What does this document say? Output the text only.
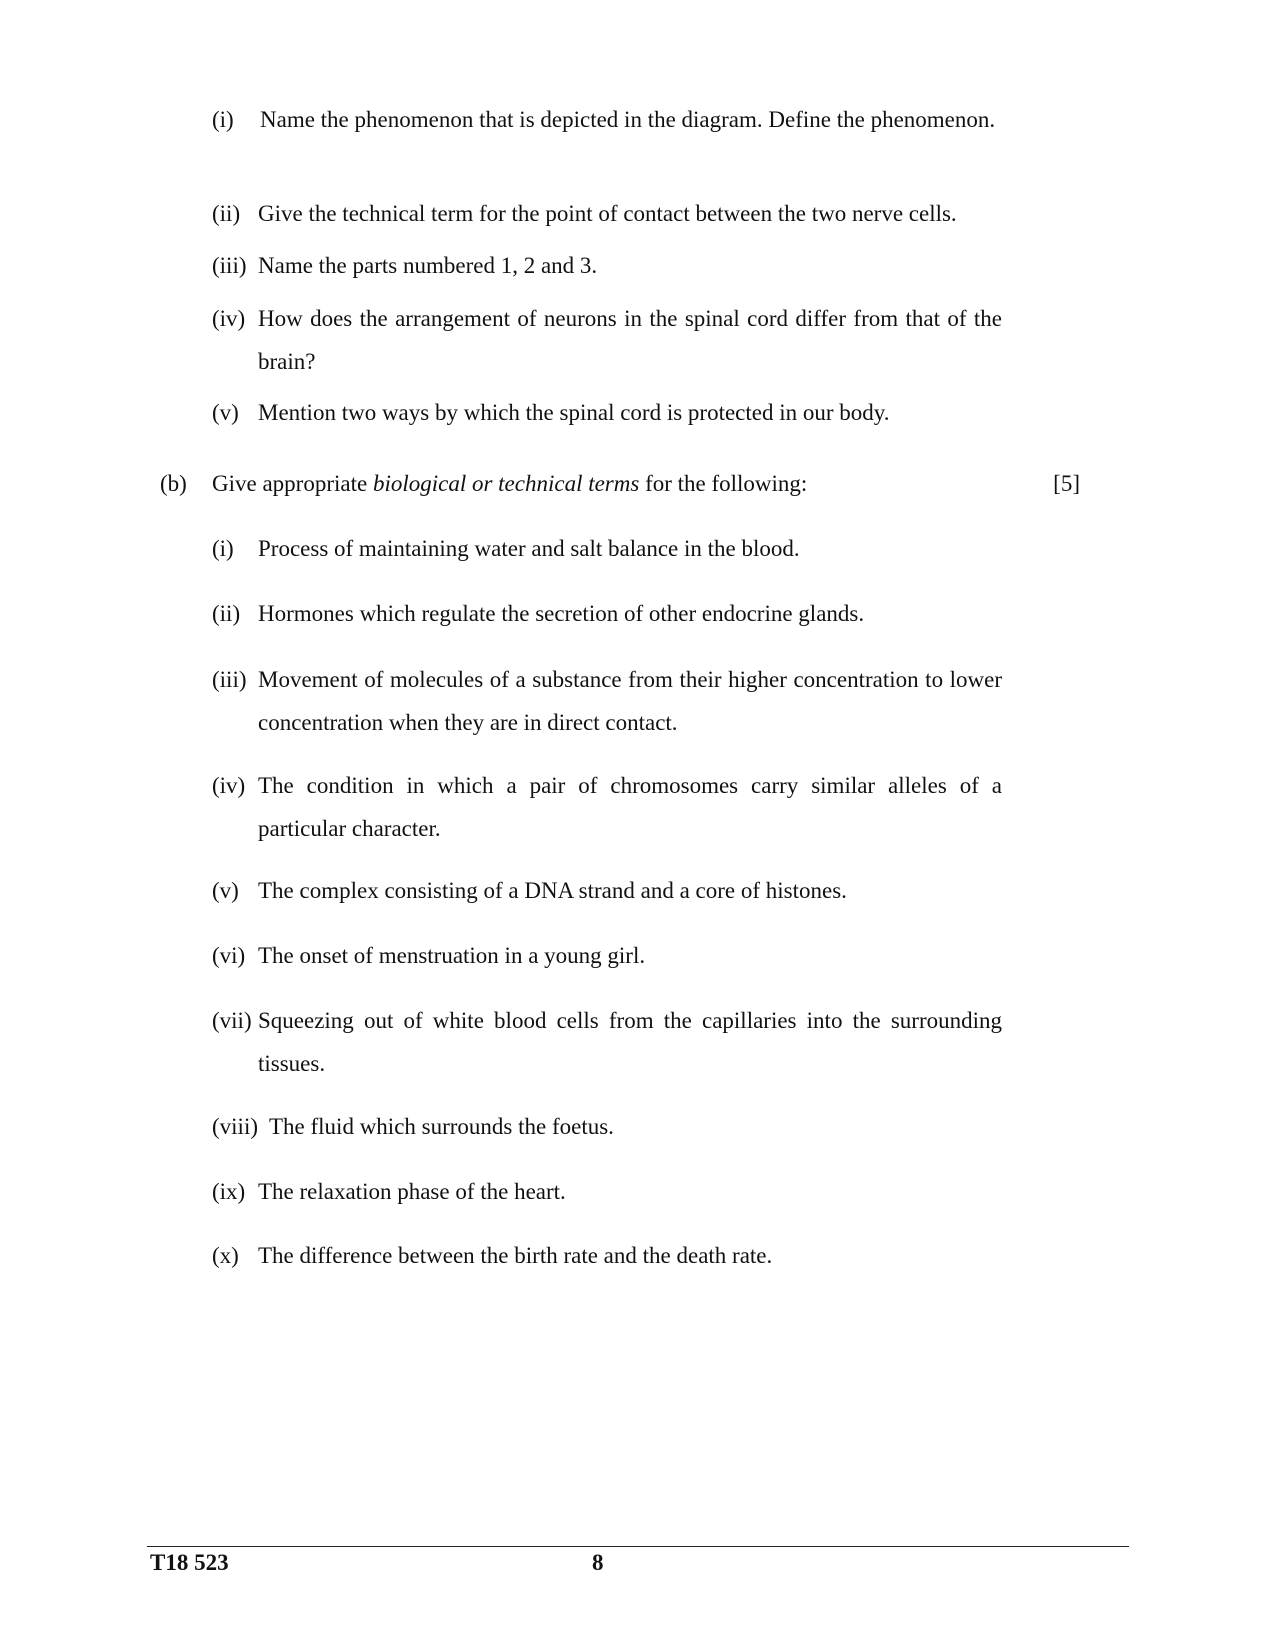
(i)	Name the phenomenon that is depicted in the diagram. Define the phenomenon.
(ii) Give the technical term for the point of contact between the two nerve cells.
(iii) Name the parts numbered 1, 2 and 3.
(iv) How does the arrangement of neurons in the spinal cord differ from that of the brain?
(v) Mention two ways by which the spinal cord is protected in our body.
(b) Give appropriate biological or technical terms for the following:	[5]
(i)	Process of maintaining water and salt balance in the blood.
(ii) Hormones which regulate the secretion of other endocrine glands.
(iii) Movement of molecules of a substance from their higher concentration to lower concentration when they are in direct contact.
(iv) The condition in which a pair of chromosomes carry similar alleles of a particular character.
(v) The complex consisting of a DNA strand and a core of histones.
(vi) The onset of menstruation in a young girl.
(vii) Squeezing out of white blood cells from the capillaries into the surrounding tissues.
(viii) The fluid which surrounds the foetus.
(ix) The relaxation phase of the heart.
(x) The difference between the birth rate and the death rate.
T18 523	8
